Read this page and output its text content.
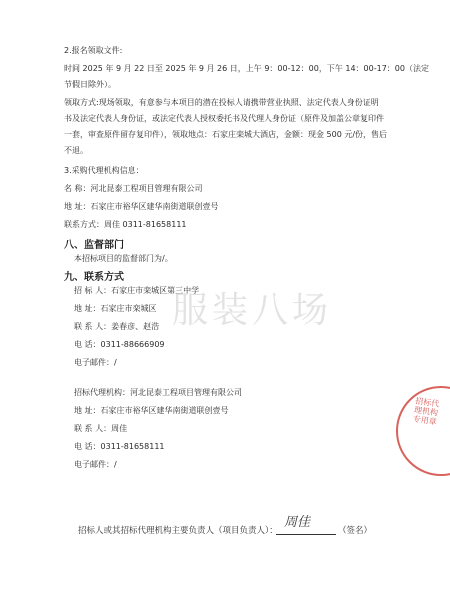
2.报名领取文件:
时间 2025 年 9 月 22 日至 2025 年 9 月 26 日，上午 9：00-12：00，下午 14：00-17：00（法定
节假日除外）。
领取方式:现场领取，有意参与本项目的潜在投标人请携带营业执照、法定代表人身份证明
书及法定代表人身份证，或法定代表人授权委托书及代理人身份证（原件及加盖公章复印件
一套，审查原件留存复印件），领取地点：石家庄栾城大酒店，金额：现金 500 元/份，售后
不退。
3.采购代理机构信息：
名 称：河北昆泰工程项目管理有限公司
地 址：石家庄市裕华区建华南街道联创壹号
联系方式：周佳 0311-81658111
八、监督部门
本招标项目的监督部门为/。
九、联系方式
招 标 人：石家庄市栾城区第三中学
地 址：石家庄市栾城区
联 系 人：姜春彦、赵浩
电 话：0311-88666909
电子邮件：/
招标代理机构：河北昆泰工程项目管理有限公司
地 址：石家庄市裕华区建华南街道联创壹号
联 系 人：周佳
电 话：0311-81658111
电子邮件：/
招标人或其招标代理机构主要负责人（项目负责人）：
周佳
（签名）
招标代理机构专用章
服装八场
